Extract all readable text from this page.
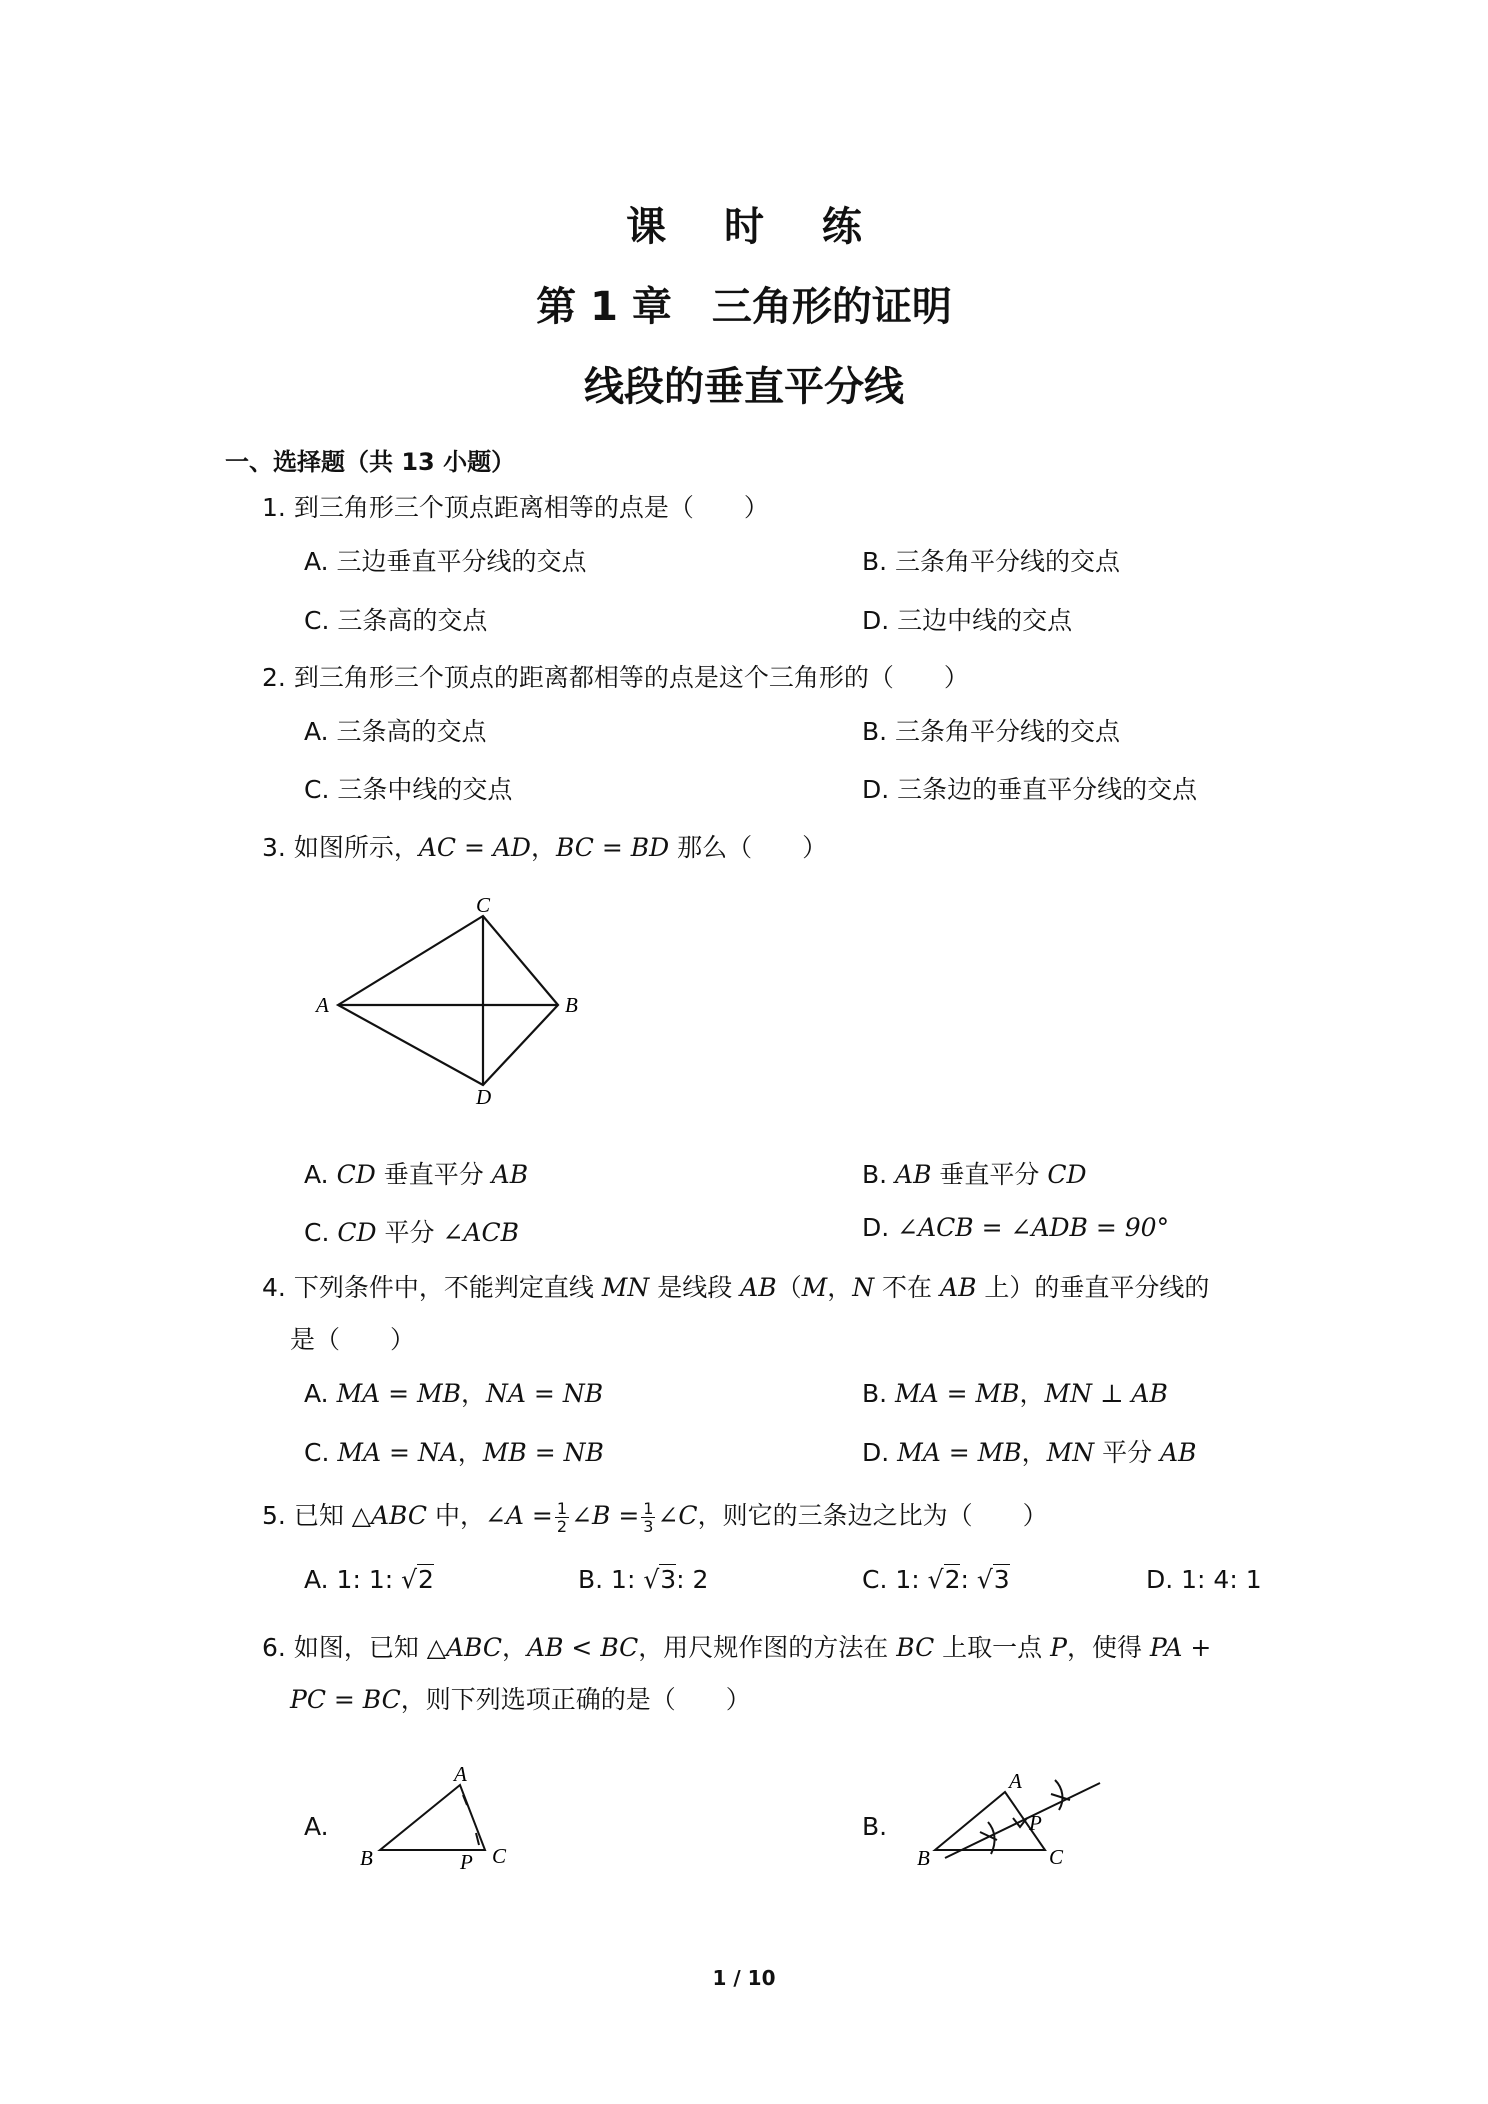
课 时 练
第 1 章　三角形的证明
线段的垂直平分线
一、选择题（共 13 小题）
1. 到三角形三个顶点距离相等的点是（　　）
A. 三边垂直平分线的交点	B. 三条角平分线的交点
C. 三条高的交点	D. 三边中线的交点
2. 到三角形三个顶点的距离都相等的点是这个三角形的（　　）
A. 三条高的交点	B. 三条角平分线的交点
C. 三条中线的交点	D. 三条边的垂直平分线的交点
3. 如图所示，AC = AD，BC = BD 那么（　　）
C
A	B
D
A. CD 垂直平分 AB	B. AB 垂直平分 CD
C. CD 平分 ∠ACB	D. ∠ACB = ∠ADB = 90°
4. 下列条件中，不能判定直线 MN 是线段 AB（M，N 不在 AB 上）的垂直平分线的
是（　　）
A. MA = MB，NA = NB	B. MA = MB，MN ⊥ AB
C. MA = NA，MB = NB	D. MA = MB，MN 平分 AB
5. 已知 △ABC 中，∠A = $\frac{1}{2}$ ∠B = $\frac{1}{3}$ ∠C，则它的三条边之比为（　　）
A. 1: 1: √2	B. 1: √3: 2	C. 1: √2: √3	D. 1: 4: 1
6. 如图，已知 △ABC，AB < BC，用尺规作图的方法在 BC 上取一点 P，使得 PA +
PC = BC，则下列选项正确的是（　　）
A.	B.
A
B	P C
A
P
B	C
1 / 10
